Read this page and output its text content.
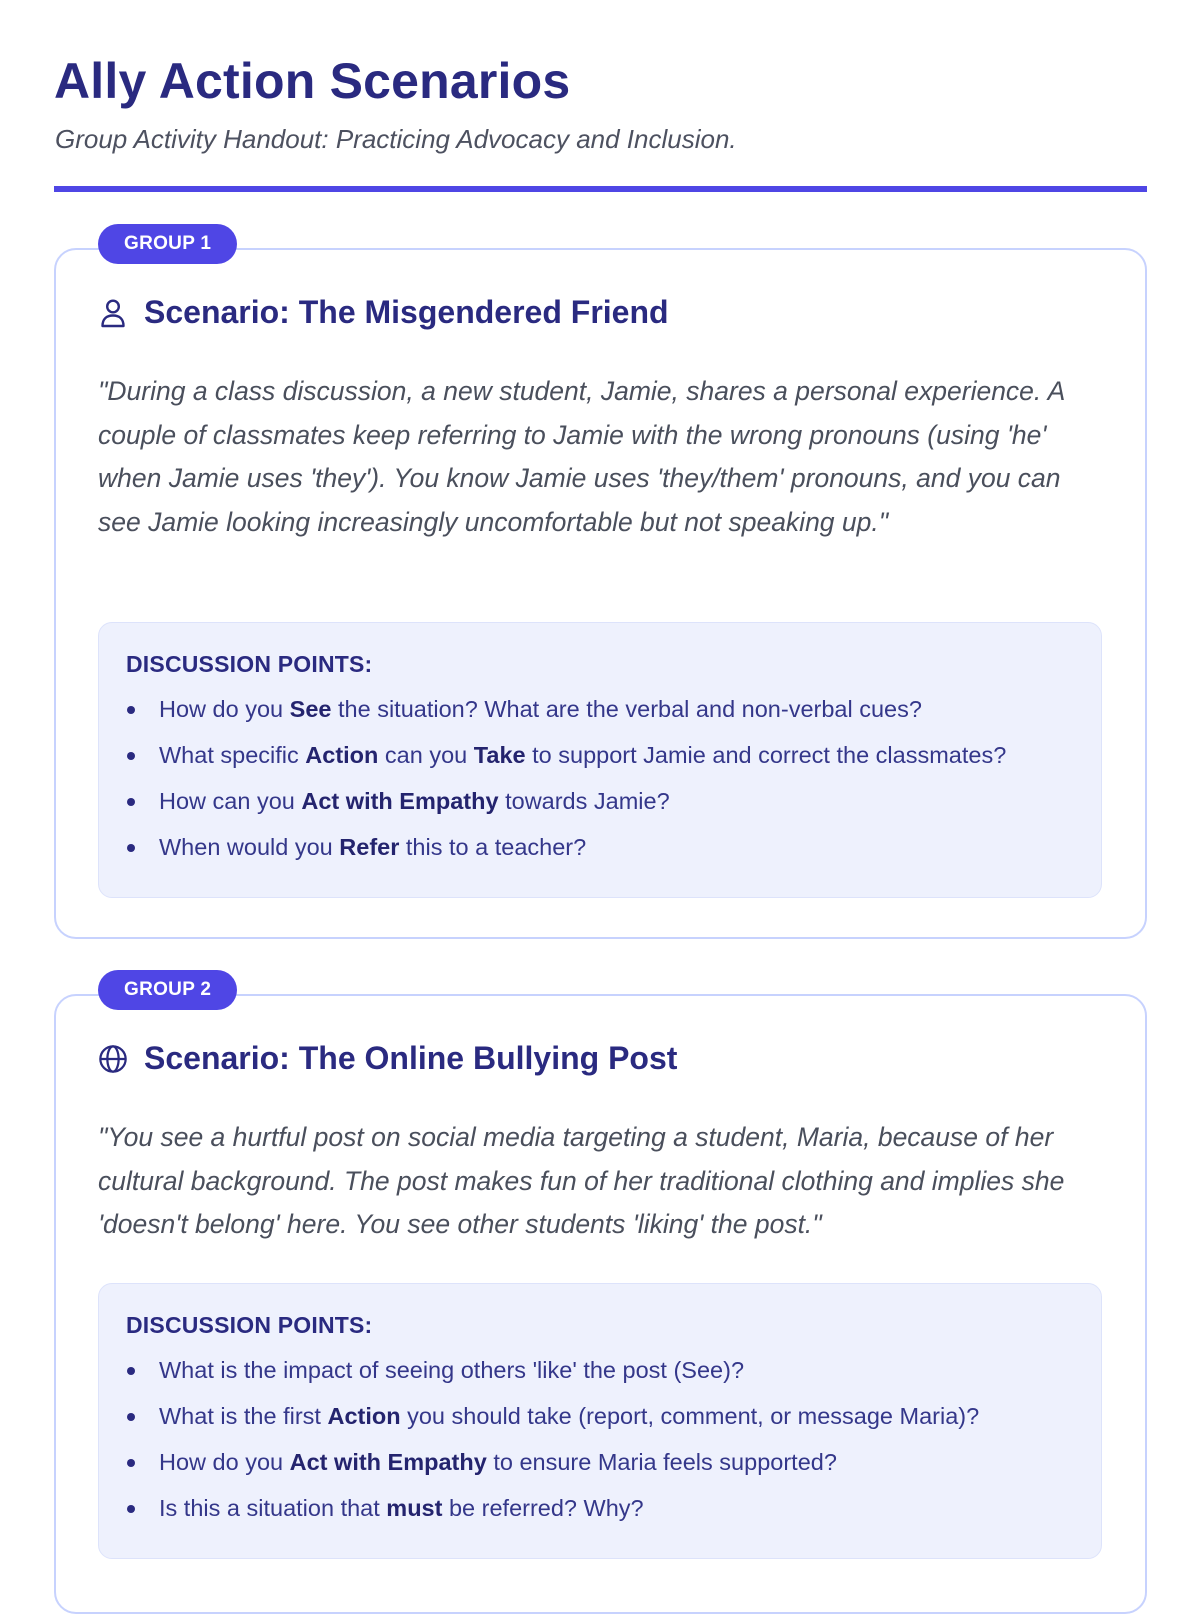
Ally Action Scenarios

Group Activity Handout: Practicing Advocacy and Inclusion.

GROUP 1
Scenario: The Misgendered Friend

"During a class discussion, a new student, Jamie, shares a personal experience. A couple of classmates keep referring to Jamie with the wrong pronouns (using 'he' when Jamie uses 'they'). You know Jamie uses 'they/them' pronouns, and you can see Jamie looking increasingly uncomfortable but not speaking up."

DISCUSSION POINTS:
How do you See the situation? What are the verbal and non-verbal cues?
What specific Action can you Take to support Jamie and correct the classmates?
How can you Act with Empathy towards Jamie?
When would you Refer this to a teacher?
GROUP 2
Scenario: The Online Bullying Post

"You see a hurtful post on social media targeting a student, Maria, because of her cultural background. The post makes fun of her traditional clothing and implies she 'doesn't belong' here. You see other students 'liking' the post."

DISCUSSION POINTS:
What is the impact of seeing others 'like' the post (See)?
What is the first Action you should take (report, comment, or message Maria)?
How do you Act with Empathy to ensure Maria feels supported?
Is this a situation that must be referred? Why?
